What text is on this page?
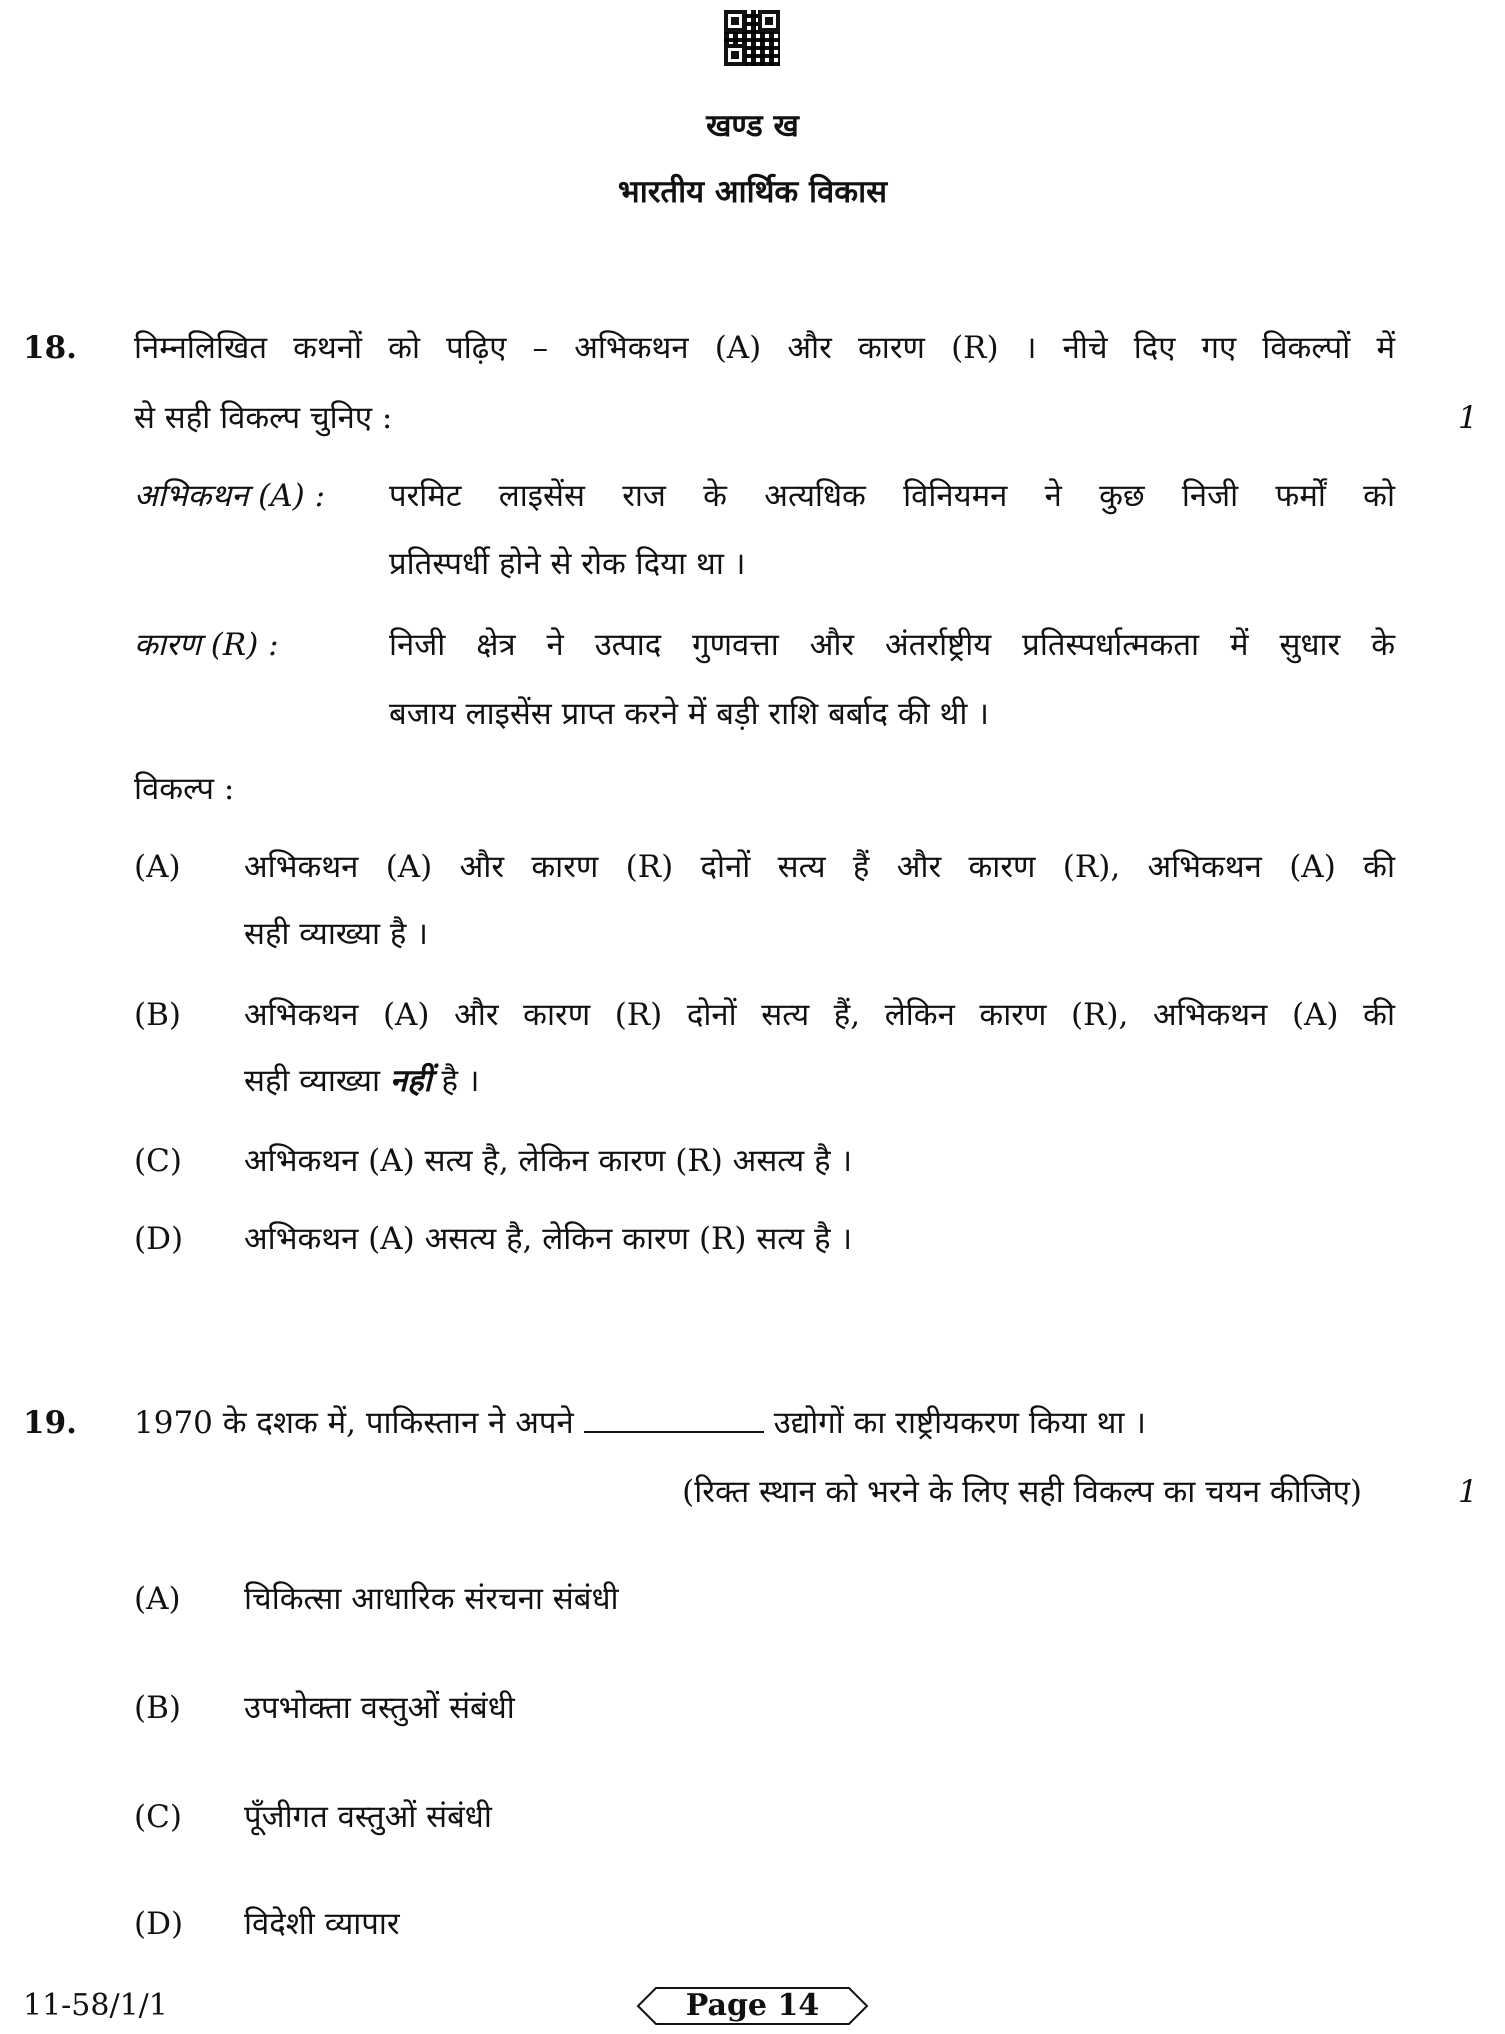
खण्ड ख
भारतीय आर्थिक विकास
18. निम्नलिखित कथनों को पढ़िए – अभिकथन (A) और कारण (R) । नीचे दिए गए विकल्पों में
से सही विकल्प चुनिए :	1
अभिकथन (A) : परमिट लाइसेंस राज के अत्यधिक विनियमन ने कुछ निजी फर्मों को
प्रतिस्पर्धी होने से रोक दिया था ।
कारण (R) :	निजी क्षेत्र ने उत्पाद गुणवत्ता और अंतर्राष्ट्रीय प्रतिस्पर्धात्मकता में सुधार के
बजाय लाइसेंस प्राप्त करने में बड़ी राशि बर्बाद की थी ।
विकल्प :
(A) अभिकथन (A) और कारण (R) दोनों सत्य हैं और कारण (R), अभिकथन (A) की
सही व्याख्या है ।
(B) अभिकथन (A) और कारण (R) दोनों सत्य हैं, लेकिन कारण (R), अभिकथन (A) की
सही व्याख्या नहीं है ।
(C) अभिकथन (A) सत्य है, लेकिन कारण (R) असत्य है ।
(D) अभिकथन (A) असत्य है, लेकिन कारण (R) सत्य है ।
19. 1970 के दशक में, पाकिस्तान ने अपने	उद्योगों का राष्ट्रीयकरण किया था ।
(रिक्त स्थान को भरने के लिए सही विकल्प का चयन कीजिए)	1
(A) चिकित्सा आधारिक संरचना संबंधी
(B) उपभोक्ता वस्तुओं संबंधी
(C) पूँजीगत वस्तुओं संबंधी
(D) विदेशी व्यापार
11-58/1/1	Page 14
